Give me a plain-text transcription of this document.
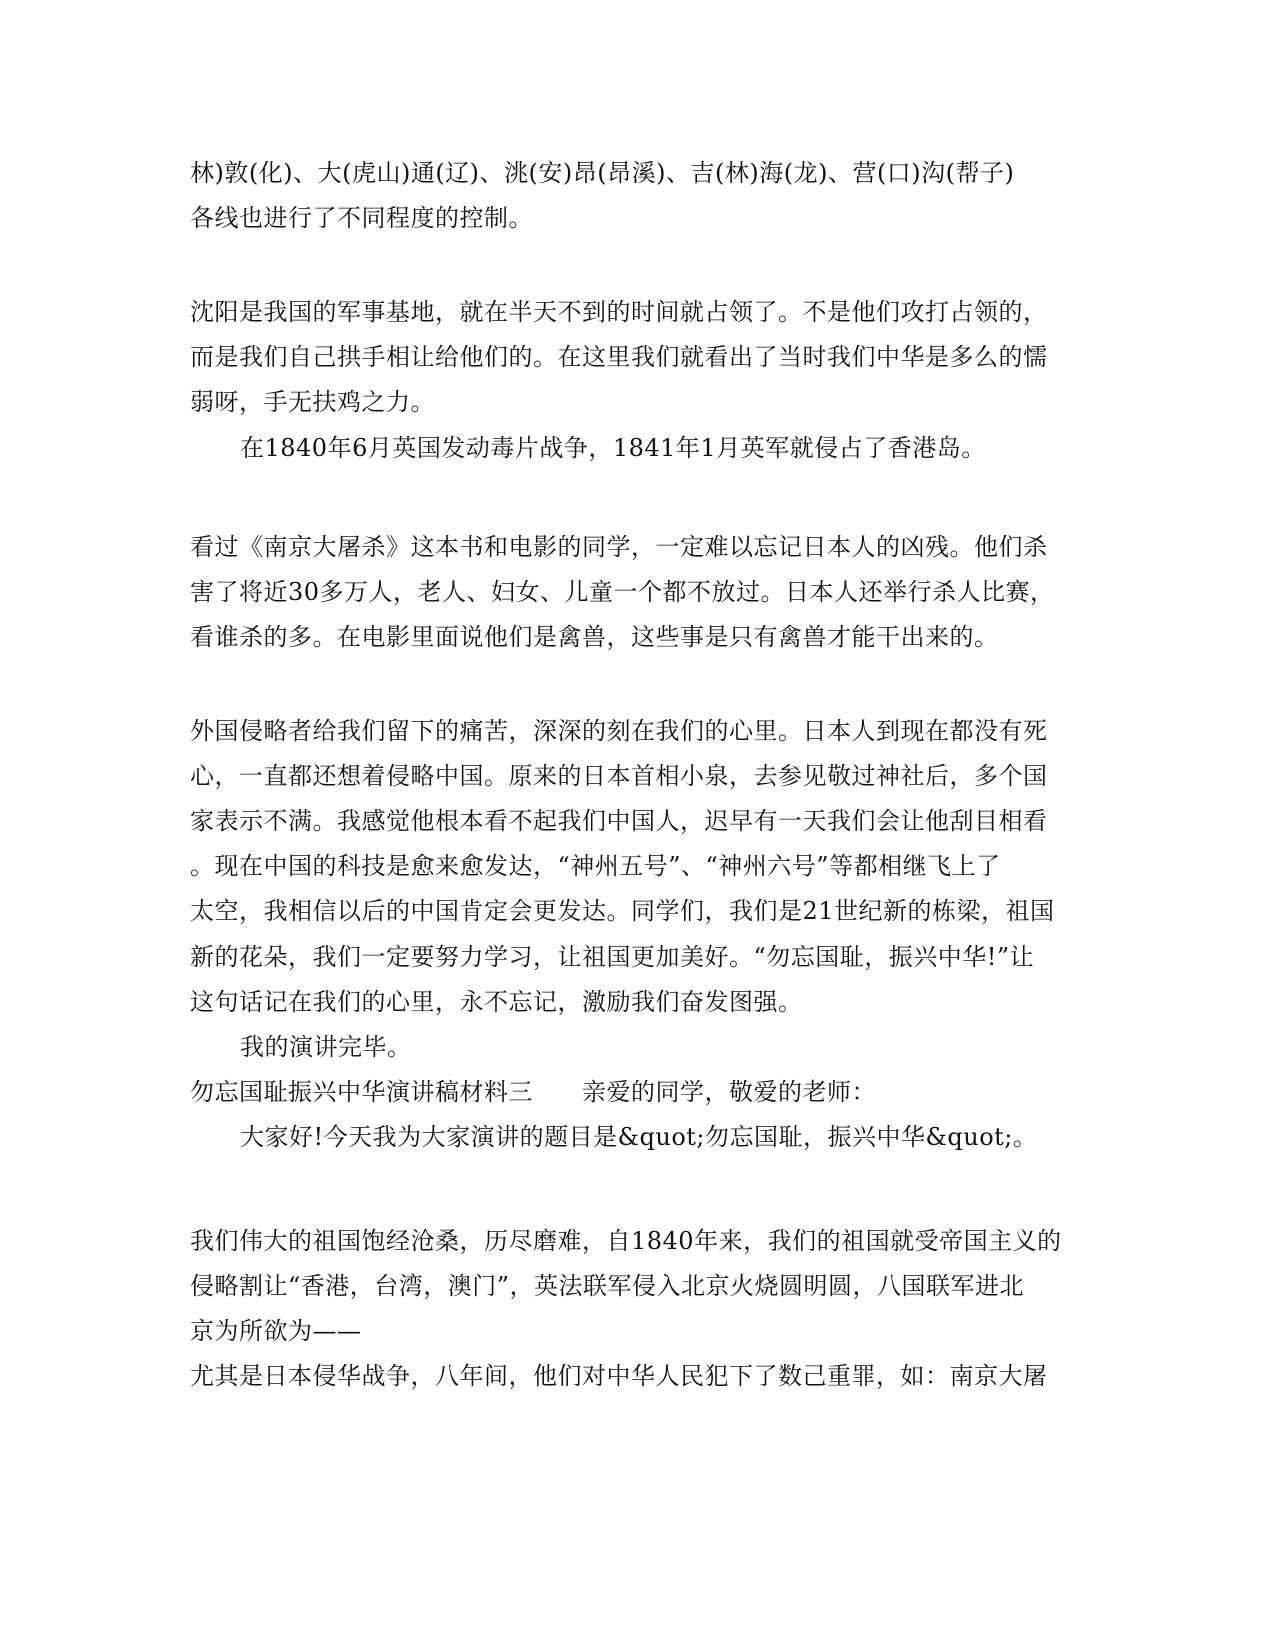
林)敦(化)、大(虎山)通(辽)、洮(安)昂(昂溪)、吉(林)海(龙)、营(口)沟(帮子)
各线也进行了不同程度的控制。
沈阳是我国的军事基地，就在半天不到的时间就占领了。不是他们攻打占领的，
而是我们自己拱手相让给他们的。在这里我们就看出了当时我们中华是多么的懦
弱呀，手无扶鸡之力。
在1840年6月英国发动毒片战争，1841年1月英军就侵占了香港岛。
看过《南京大屠杀》这本书和电影的同学，一定难以忘记日本人的凶残。他们杀
害了将近30多万人，老人、妇女、儿童一个都不放过。日本人还举行杀人比赛，
看谁杀的多。在电影里面说他们是禽兽，这些事是只有禽兽才能干出来的。
外国侵略者给我们留下的痛苦，深深的刻在我们的心里。日本人到现在都没有死
心，一直都还想着侵略中国。原来的日本首相小泉，去参见敬过神社后，多个国
家表示不满。我感觉他根本看不起我们中国人，迟早有一天我们会让他刮目相看
。现在中国的科技是愈来愈发达，“神州五号”、“神州六号”等都相继飞上了
太空，我相信以后的中国肯定会更发达。同学们，我们是21世纪新的栋梁，祖国
新的花朵，我们一定要努力学习，让祖国更加美好。“勿忘国耻，振兴中华!”让
这句话记在我们的心里，永不忘记，激励我们奋发图强。
我的演讲完毕。
勿忘国耻振兴中华演讲稿材料三　　亲爱的同学，敬爱的老师：
大家好!今天我为大家演讲的题目是&quot;勿忘国耻，振兴中华&quot;。
我们伟大的祖国饱经沧桑，历尽磨难，自1840年来，我们的祖国就受帝国主义的
侵略割让“香港，台湾，澳门”，英法联军侵入北京火烧圆明圆，八国联军进北
京为所欲为——
尤其是日本侵华战争，八年间，他们对中华人民犯下了数己重罪，如：南京大屠
